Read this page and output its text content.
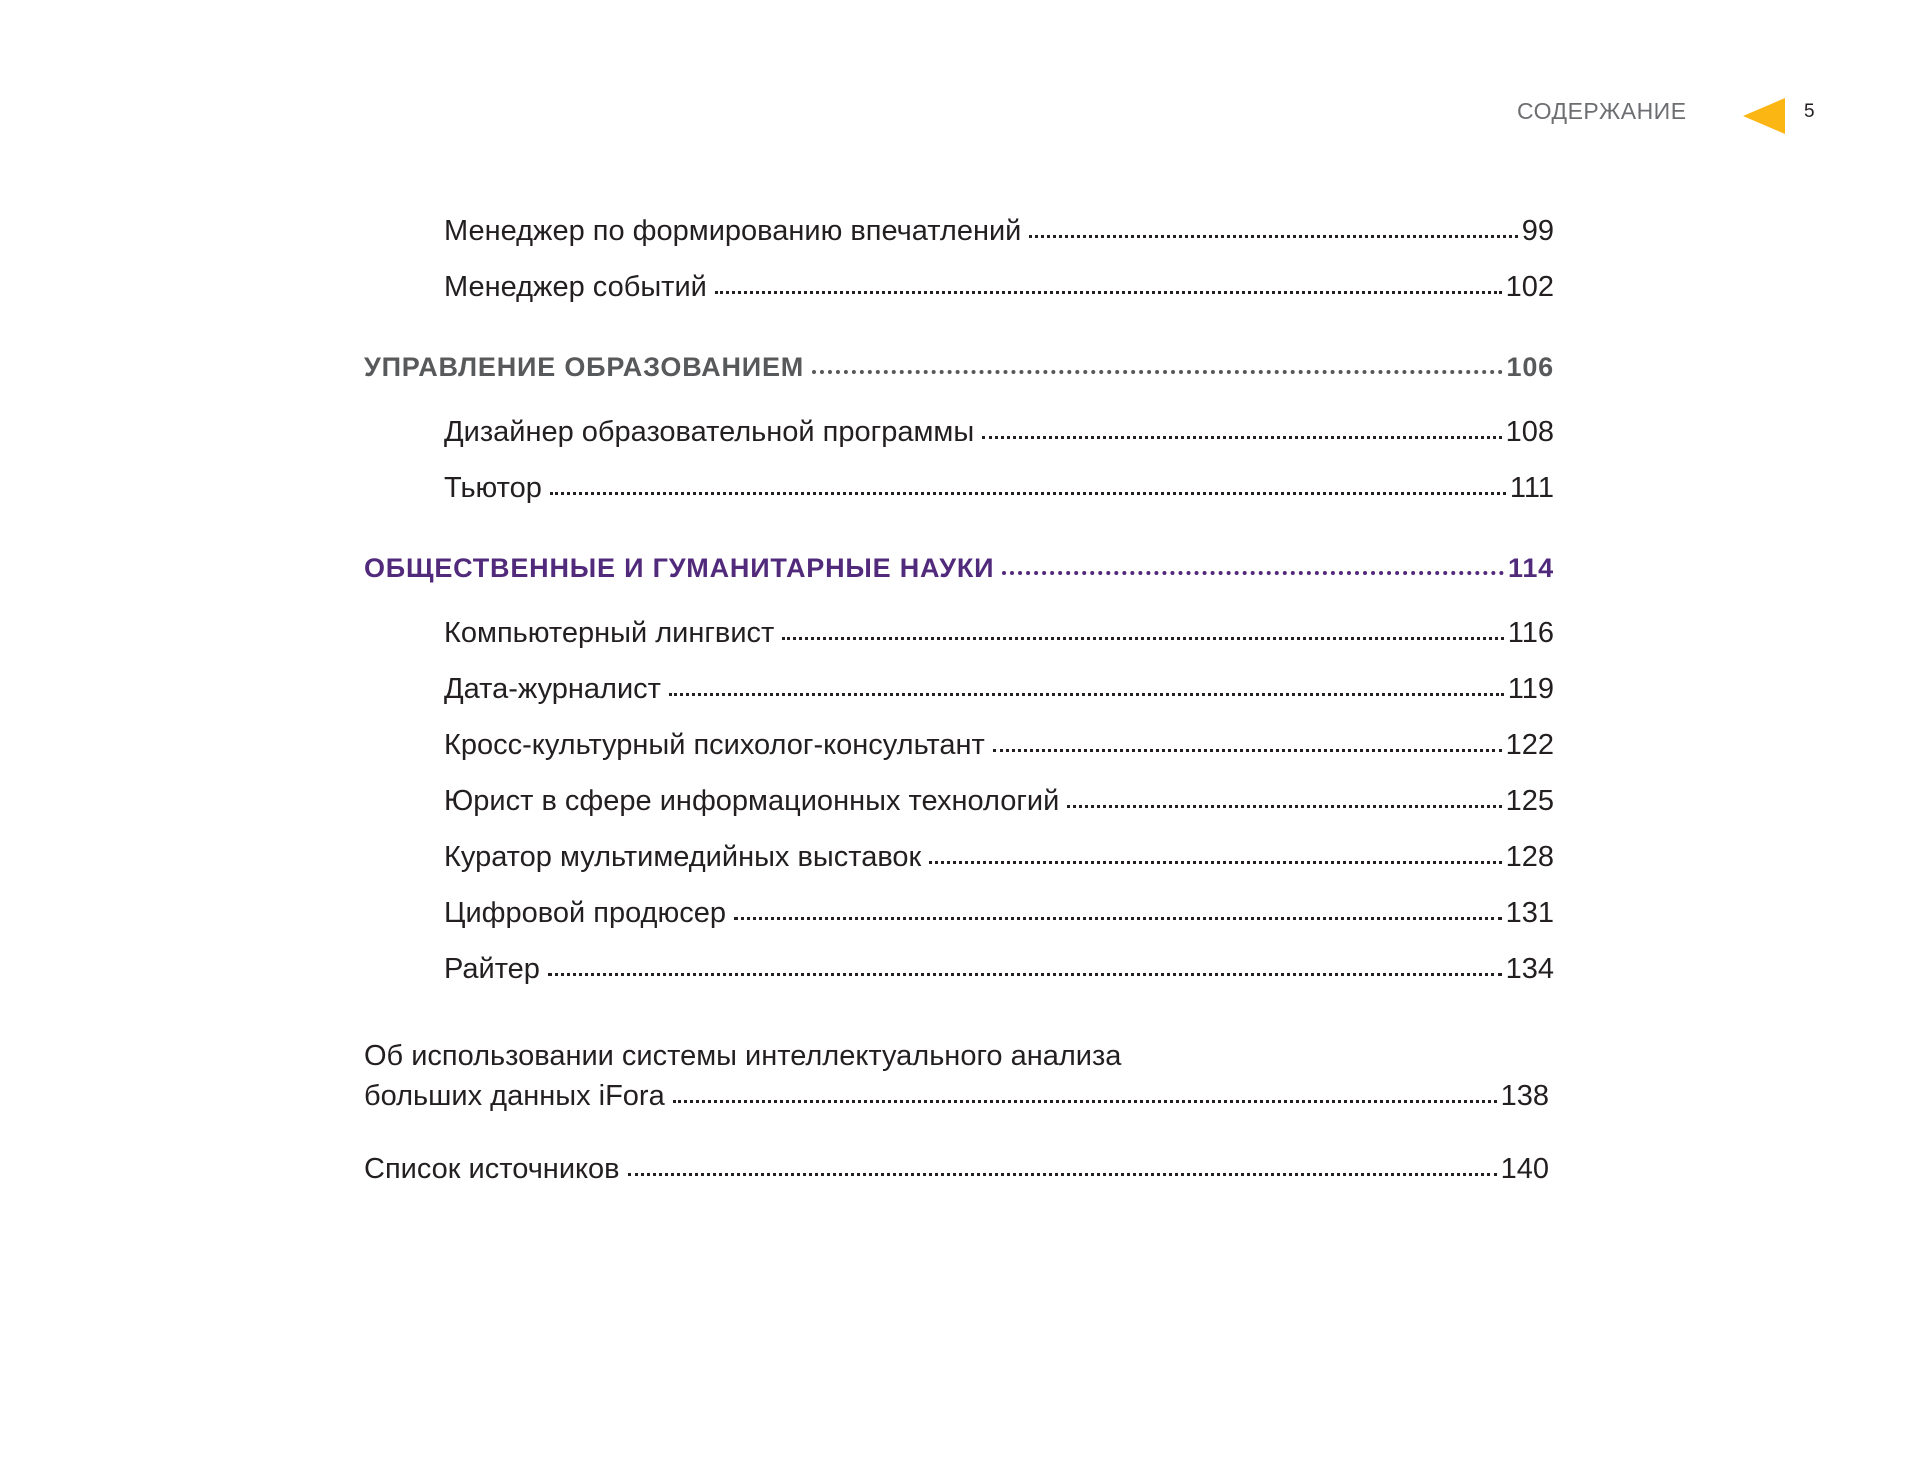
СОДЕРЖАНИЕ	5
Менеджер по формированию впечатлений	99
Менеджер событий	102
УПРАВЛЕНИЕ ОБРАЗОВАНИЕМ	106
Дизайнер образовательной программы	108
Тьютор	111
ОБЩЕСТВЕННЫЕ И ГУМАНИТАРНЫЕ НАУКИ	114
Компьютерный лингвист	116
Дата-журналист	119
Кросс-культурный психолог-консультант	122
Юрист в сфере информационных технологий	125
Куратор мультимедийных выставок	128
Цифровой продюсер	131
Райтер	134
Об использовании системы интеллектуального анализа
больших данных iFora	138
Список источников	140
